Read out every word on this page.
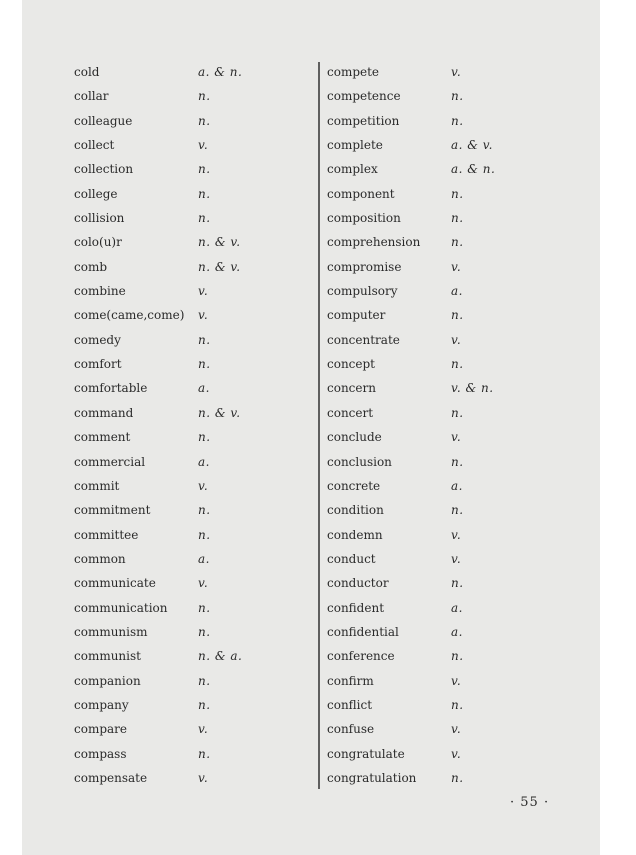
cold	a. & n.
collar	n.
colleague	n.
collect	v.
collection	n.
college	n.
collision	n.
colo(u)r	n. & v.
comb	n. & v.
combine	v.
come(came,come) v.
comedy	n.
comfort	n.
comfortable	a.
command	n. & v.
comment	n.
commercial	a.
commit	v.
commitment	n.
committee	n.
common	a.
communicate	v.
communication	n.
communism	n.
communist	n. & a.
companion	n.
company	n.
compare	v.
compass	n.
compensate	v.
compete	v.
competence	n.
competition	n.
complete	a. & v.
complex	a. & n.
component	n.
composition	n.
comprehension	n.
compromise	v.
compulsory	a.
computer	n.
concentrate	v.
concept	n.
concern	v. & n.
concert	n.
conclude	v.
conclusion	n.
concrete	a.
condition	n.
condemn	v.
conduct	v.
conductor	n.
confident	a.
confidential	a.
conference	n.
confirm	v.
conflict	n.
confuse	v.
congratulate	v.
congratulation	n.
· 55 ·
